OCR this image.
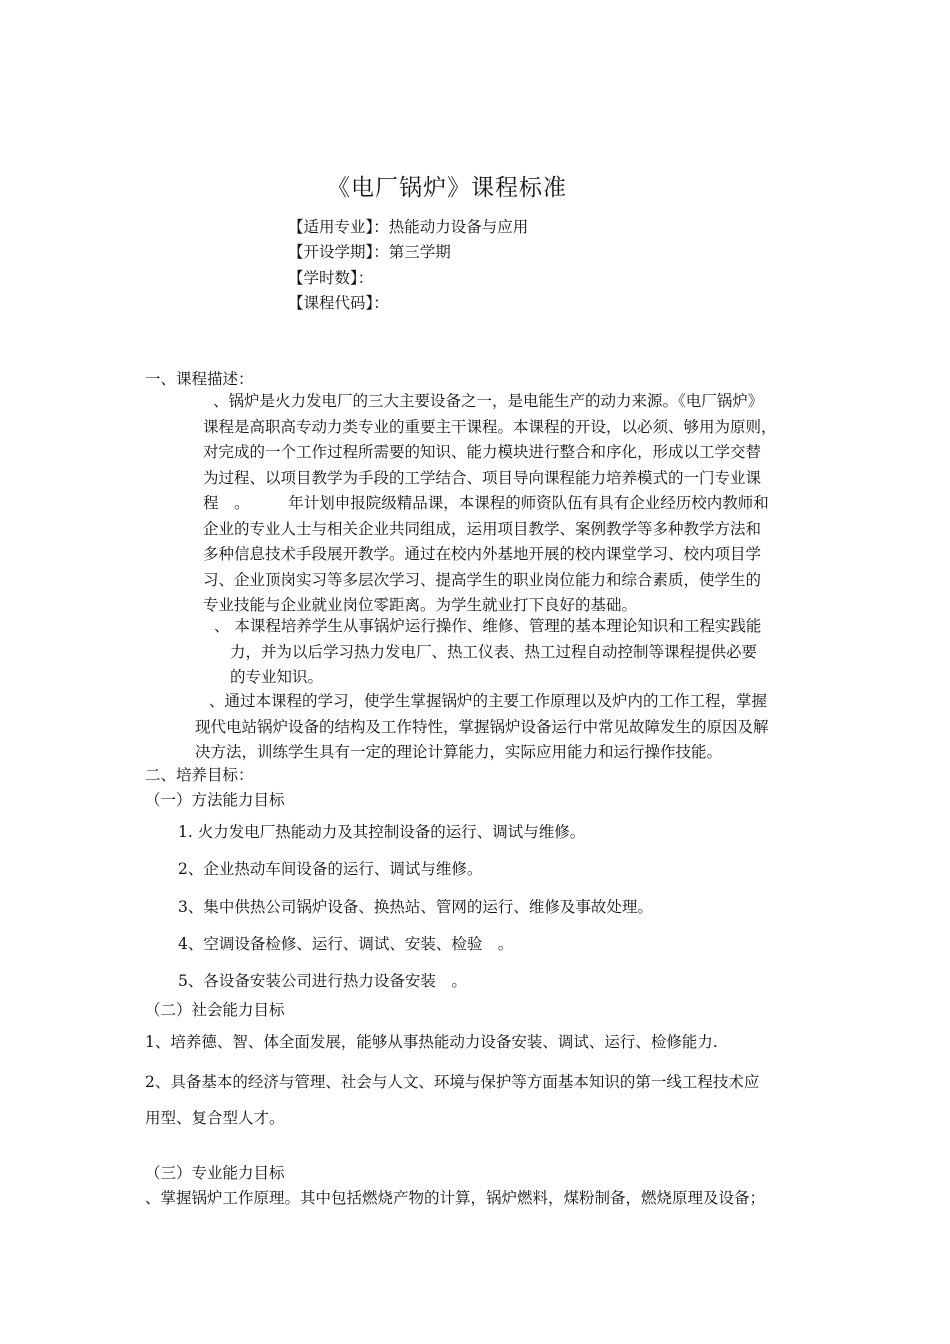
《电厂锅炉》课程标准
【适用专业】：热能动力设备与应用
【开设学期】：第三学期
【学时数】：
【课程代码】：
一、课程描述：
、锅炉是火力发电厂的三大主要设备之一，是电能生产的动力来源。《电厂锅炉》
课程是高职高专动力类专业的重要主干课程。本课程的开设，以必须、够用为原则，
对完成的一个工作过程所需要的知识、能力模块进行整合和序化，形成以工学交替
为过程、以项目教学为手段的工学结合、项目导向课程能力培养模式的一门专业课
程　。　　　年计划申报院级精品课，本课程的师资队伍有具有企业经历校内教师和
企业的专业人士与相关企业共同组成，运用项目教学、案例教学等多种教学方法和
多种信息技术手段展开教学。通过在校内外基地开展的校内课堂学习、校内项目学
习、企业顶岗实习等多层次学习、提高学生的职业岗位能力和综合素质，使学生的
专业技能与企业就业岗位零距离。为学生就业打下良好的基础。
、 本课程培养学生从事锅炉运行操作、维修、管理的基本理论知识和工程实践能
力，并为以后学习热力发电厂、热工仪表、热工过程自动控制等课程提供必要
的专业知识。
、通过本课程的学习，使学生掌握锅炉的主要工作原理以及炉内的工作工程，掌握
现代电站锅炉设备的结构及工作特性，掌握锅炉设备运行中常见故障发生的原因及解
决方法，训练学生具有一定的理论计算能力，实际应用能力和运行操作技能。
二、培养目标：
（一）方法能力目标
1. 火力发电厂热能动力及其控制设备的运行、调试与维修。
2、企业热动车间设备的运行、调试与维修。
3、集中供热公司锅炉设备、换热站、管网的运行、维修及事故处理。
4、空调设备检修、运行、调试、安装、检验　。
5、各设备安装公司进行热力设备安装　。
（二）社会能力目标
1、培养德、智、体全面发展，能够从事热能动力设备安装、调试、运行、检修能力.
2、具备基本的经济与管理、社会与人文、环境与保护等方面基本知识的第一线工程技术应
用型、复合型人才。
（三）专业能力目标
、掌握锅炉工作原理。其中包括燃烧产物的计算，锅炉燃料，煤粉制备，燃烧原理及设备；
